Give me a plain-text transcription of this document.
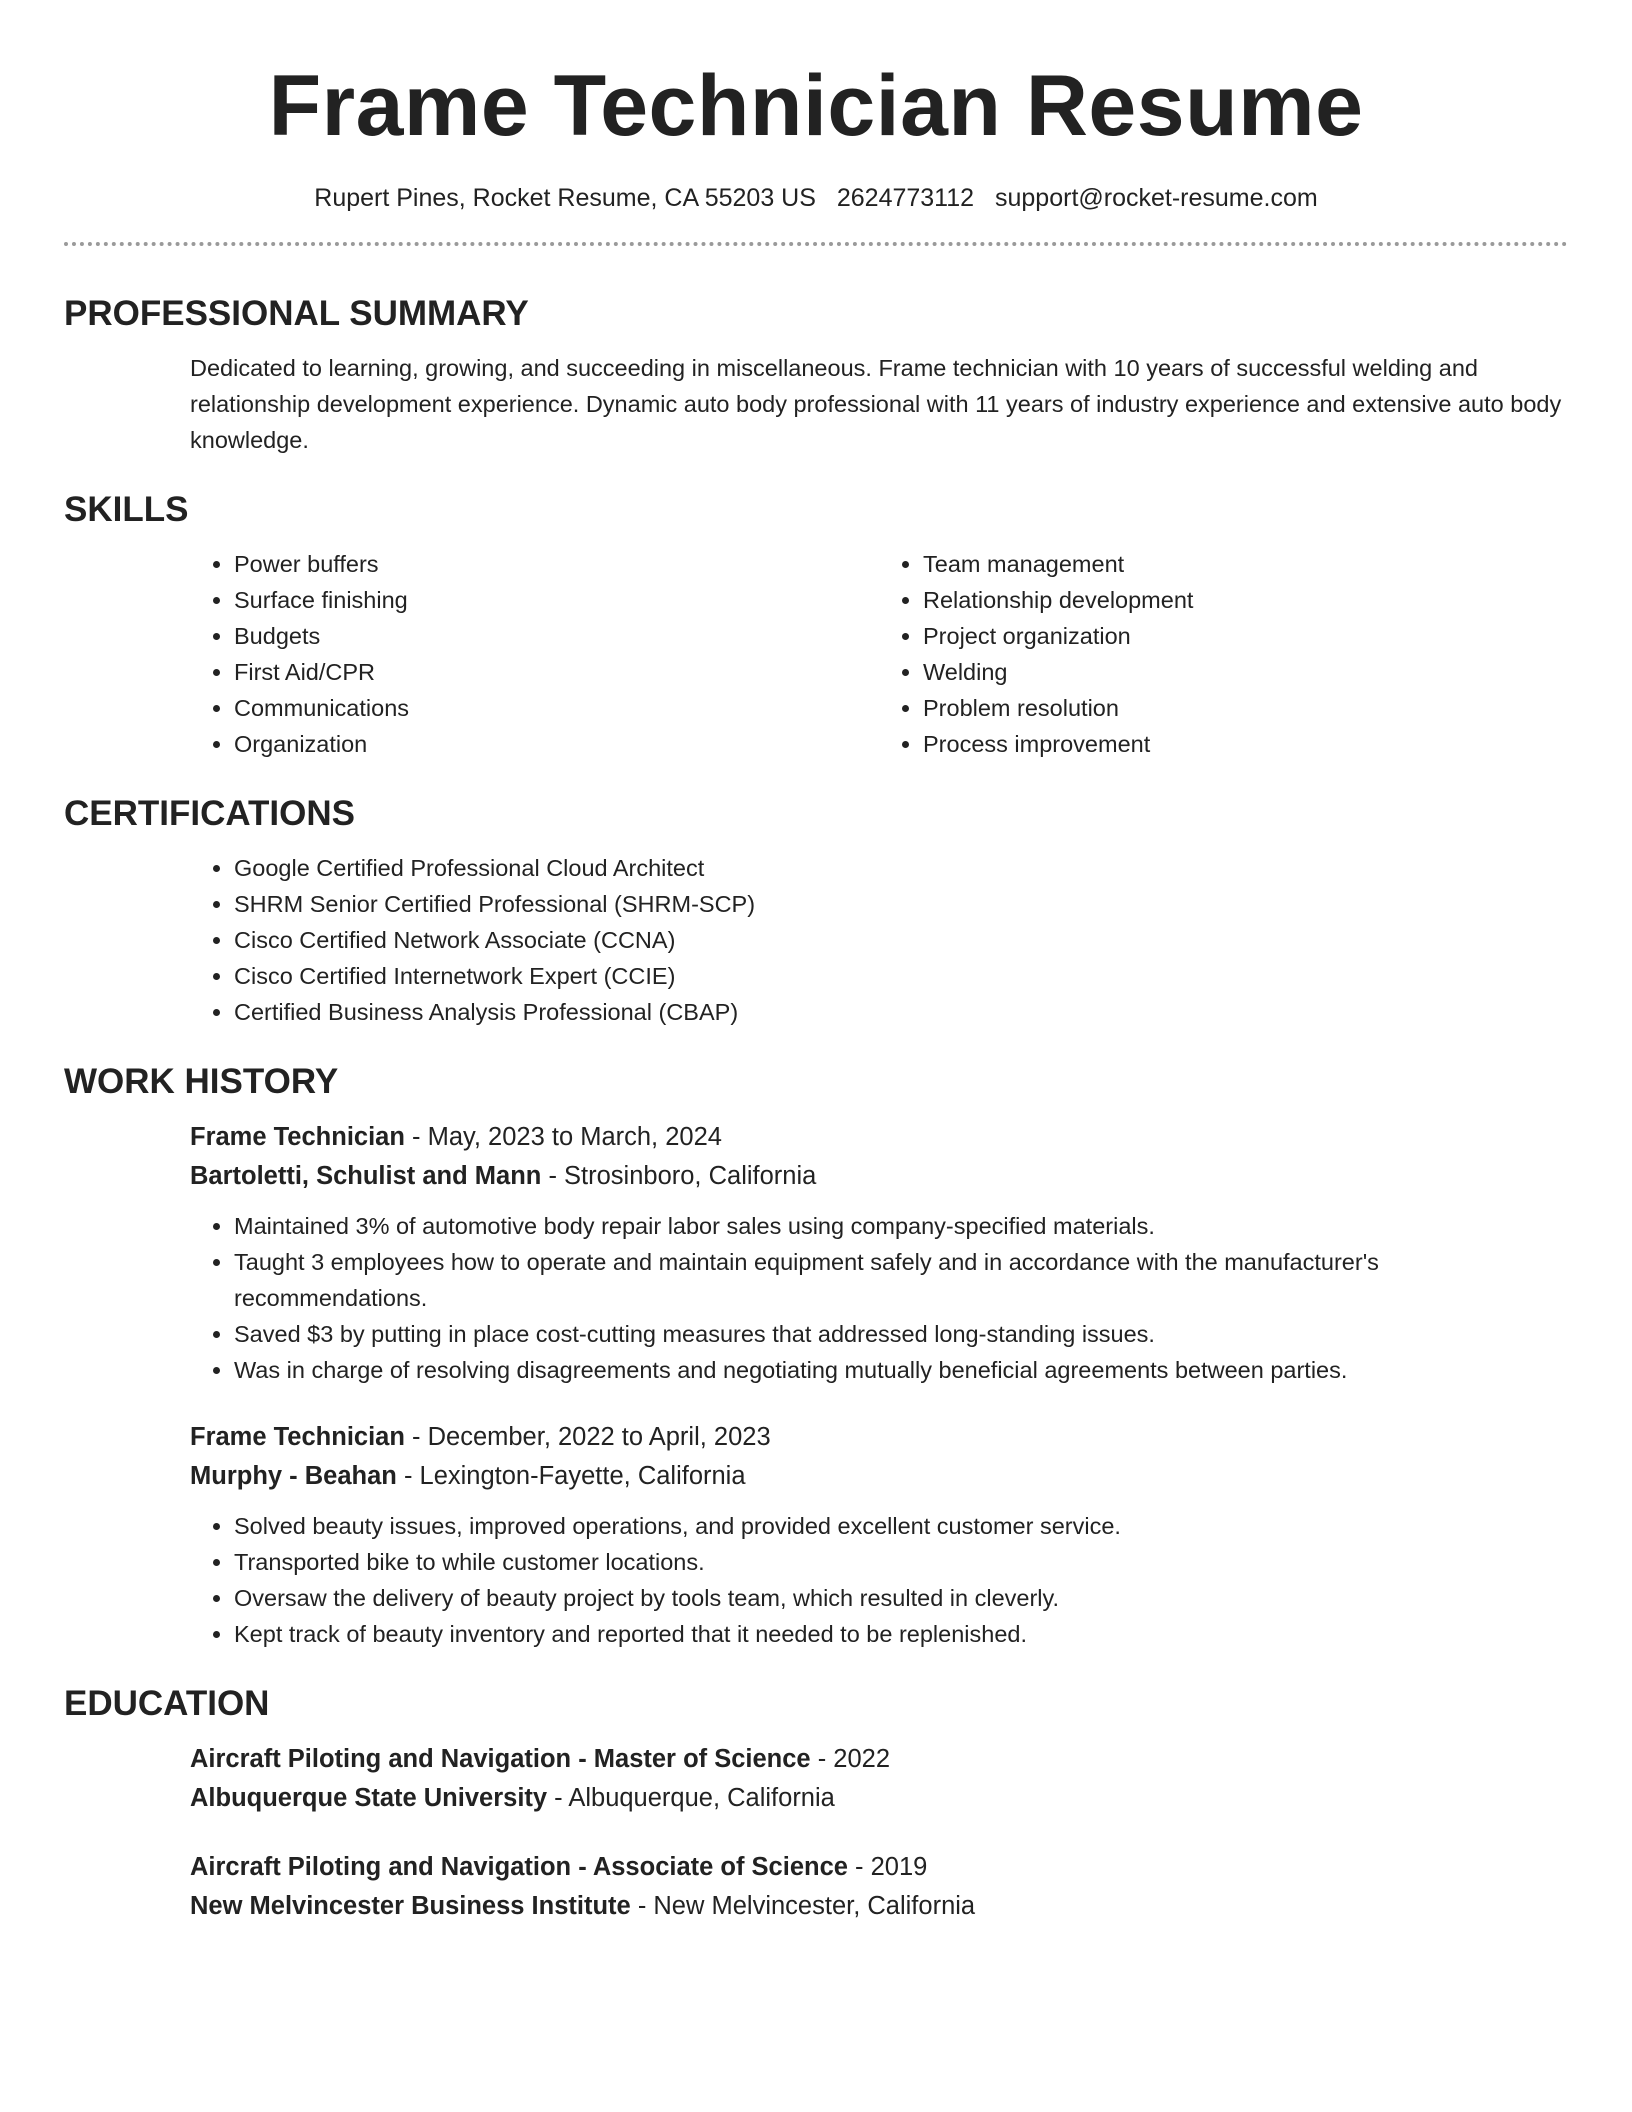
Frame Technician Resume
Rupert Pines, Rocket Resume, CA 55203 US 2624773112 support@rocket-resume.com
PROFESSIONAL SUMMARY

Dedicated to learning, growing, and succeeding in miscellaneous. Frame technician with 10 years of successful welding and relationship development experience. Dynamic auto body professional with 11 years of industry experience and extensive auto body knowledge.

SKILLS
• Power buffers
• Surface finishing
• Budgets
• First Aid/CPR
• Communications
• Organization
• Team management
• Relationship development
• Project organization
• Welding
• Problem resolution
• Process improvement
CERTIFICATIONS
• Google Certified Professional Cloud Architect
• SHRM Senior Certified Professional (SHRM-SCP)
• Cisco Certified Network Associate (CCNA)
• Cisco Certified Internetwork Expert (CCIE)
• Certified Business Analysis Professional (CBAP)
WORK HISTORY
Frame Technician - May, 2023 to March, 2024
Bartoletti, Schulist and Mann - Strosinboro, California
• Maintained 3% of automotive body repair labor sales using company-specified materials.
• Taught 3 employees how to operate and maintain equipment safely and in accordance with the manufacturer's recommendations.
• Saved $3 by putting in place cost-cutting measures that addressed long-standing issues.
• Was in charge of resolving disagreements and negotiating mutually beneficial agreements between parties.
Frame Technician - December, 2022 to April, 2023
Murphy - Beahan - Lexington-Fayette, California
• Solved beauty issues, improved operations, and provided excellent customer service.
• Transported bike to while customer locations.
• Oversaw the delivery of beauty project by tools team, which resulted in cleverly.
• Kept track of beauty inventory and reported that it needed to be replenished.
EDUCATION
Aircraft Piloting and Navigation - Master of Science - 2022
Albuquerque State University - Albuquerque, California
Aircraft Piloting and Navigation - Associate of Science - 2019
New Melvincester Business Institute - New Melvincester, California
